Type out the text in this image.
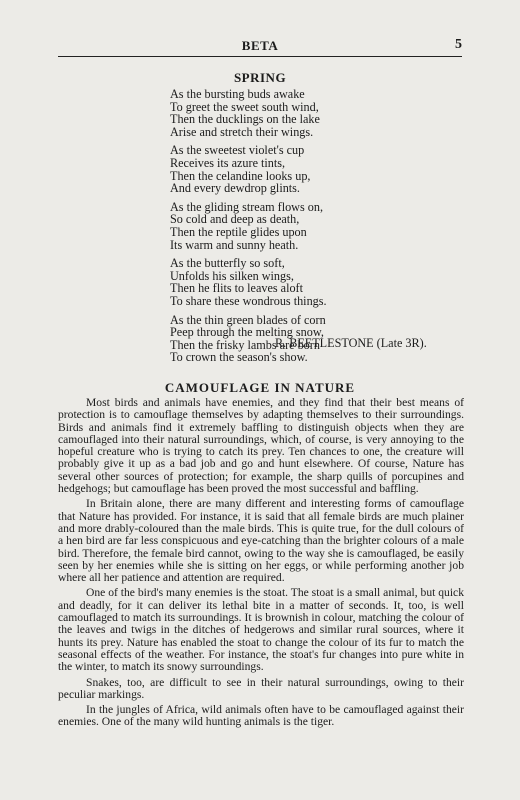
BETA	5
SPRING
As the bursting buds awake
To greet the sweet south wind,
Then the ducklings on the lake
Arise and stretch their wings.
As the sweetest violet's cup
Receives its azure tints,
Then the celandine looks up,
And every dewdrop glints.
As the gliding stream flows on,
So cold and deep as death,
Then the reptile glides upon
Its warm and sunny heath.
As the butterfly so soft,
Unfolds his silken wings,
Then he flits to leaves aloft
To share these wondrous things.
As the thin green blades of corn
Peep through the melting snow,
Then the frisky lambs are born
To crown the season's show.
R. BEETLESTONE (Late 3R).
CAMOUFLAGE IN NATURE

Most birds and animals have enemies, and they find that their best means of protection is to camouflage themselves by adapting themselves to their surroundings. Birds and animals find it extremely baffling to distinguish objects when they are camouflaged into their natural surroundings, which, of course, is very annoying to the hopeful creature who is trying to catch its prey. Ten chances to one, the creature will probably give it up as a bad job and go and hunt elsewhere. Of course, Nature has several other sources of protection; for example, the sharp quills of porcupines and hedgehogs; but camouflage has been proved the most successful and baffling.

In Britain alone, there are many different and interesting forms of camouflage that Nature has provided. For instance, it is said that all female birds are much plainer and more drably-coloured than the male birds. This is quite true, for the dull colours of a hen bird are far less conspicuous and eye-catching than the brighter colours of a male bird. Therefore, the female bird cannot, owing to the way she is camouflaged, be easily seen by her enemies while she is sitting on her eggs, or while performing another job where all her patience and attention are required.

One of the bird's many enemies is the stoat. The stoat is a small animal, but quick and deadly, for it can deliver its lethal bite in a matter of seconds. It, too, is well camouflaged to match its surroundings. It is brownish in colour, matching the colour of the leaves and twigs in the ditches of hedgerows and similar rural sources, where it hunts its prey. Nature has enabled the stoat to change the colour of its fur to match the seasonal effects of the weather. For instance, the stoat's fur changes into pure white in the winter, to match its snowy surroundings.

Snakes, too, are difficult to see in their natural surroundings, owing to their peculiar markings.

In the jungles of Africa, wild animals often have to be camouflaged against their enemies. One of the many wild hunting animals is the tiger.
